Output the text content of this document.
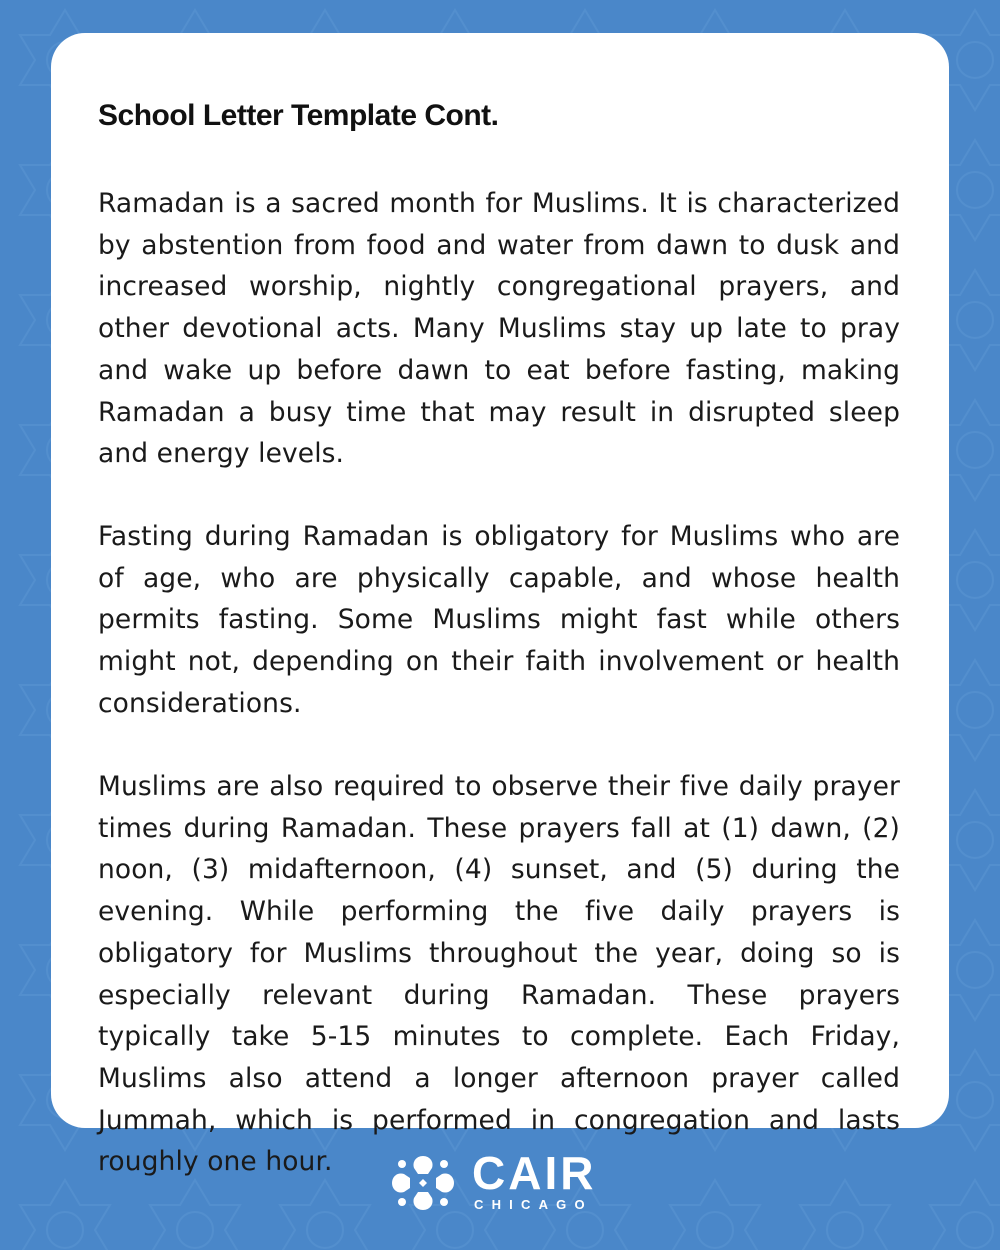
School Letter Template Cont.

Ramadan is a sacred month for Muslims. It is characterized by abstention from food and water from dawn to dusk and increased worship, nightly congregational prayers, and other devotional acts. Many Muslims stay up late to pray and wake up before dawn to eat before fasting, making Ramadan a busy time that may result in disrupted sleep and energy levels.

Fasting during Ramadan is obligatory for Muslims who are of age, who are physically capable, and whose health permits fasting. Some Muslims might fast while others might not, depending on their faith involvement or health considerations.

Muslims are also required to observe their five daily prayer times during Ramadan. These prayers fall at (1) dawn, (2) noon, (3) midafternoon, (4) sunset, and (5) during the evening. While performing the five daily prayers is obligatory for Muslims throughout the year, doing so is especially relevant during Ramadan. These prayers typically take 5-15 minutes to complete. Each Friday, Muslims also attend a longer afternoon prayer called Jummah, which is performed in congregation and lasts roughly one hour.	CAIR
CHICAGO
